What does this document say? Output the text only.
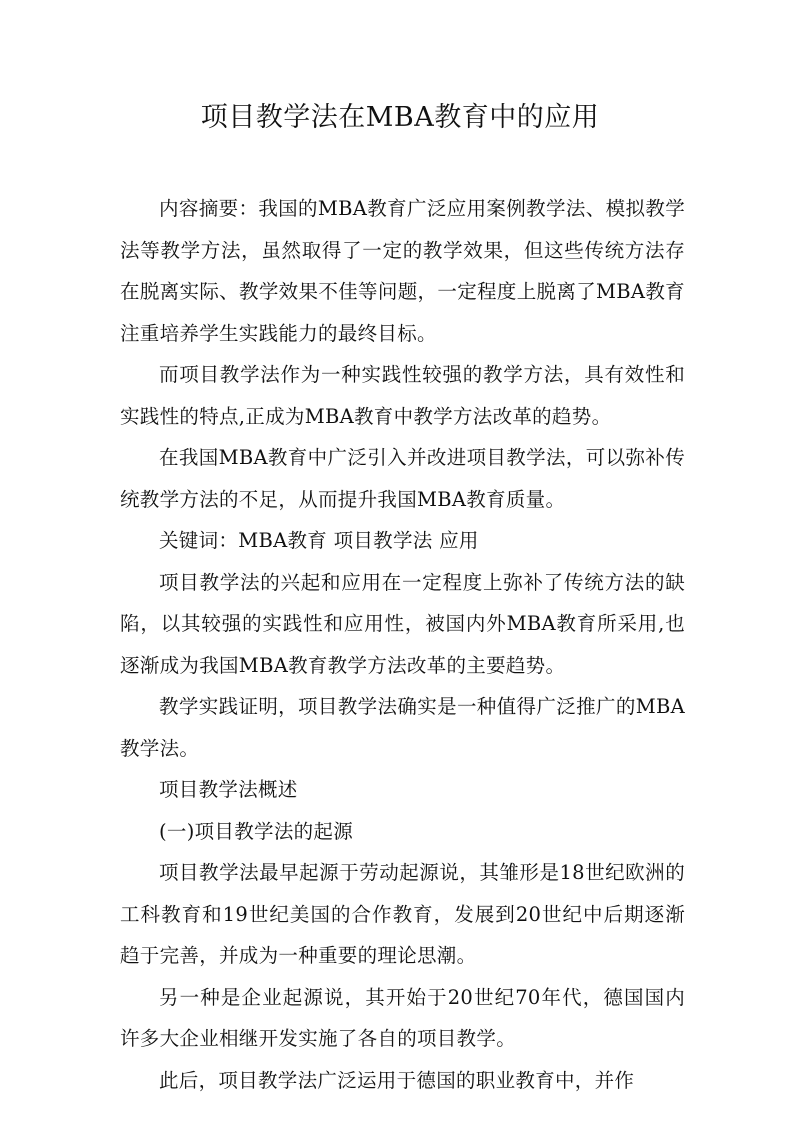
项目教学法在MBA教育中的应用

内容摘要：我国的MBA教育广泛应用案例教学法、模拟教学法等教学方法，虽然取得了一定的教学效果，但这些传统方法存在脱离实际、教学效果不佳等问题，一定程度上脱离了MBA教育注重培养学生实践能力的最终目标。

而项目教学法作为一种实践性较强的教学方法，具有效性和实践性的特点,正成为MBA教育中教学方法改革的趋势。

在我国MBA教育中广泛引入并改进项目教学法，可以弥补传统教学方法的不足，从而提升我国MBA教育质量。

关键词：MBA教育 项目教学法 应用

项目教学法的兴起和应用在一定程度上弥补了传统方法的缺陷，以其较强的实践性和应用性，被国内外MBA教育所采用,也逐渐成为我国MBA教育教学方法改革的主要趋势。

教学实践证明，项目教学法确实是一种值得广泛推广的MBA教学法。

项目教学法概述

(一)项目教学法的起源

项目教学法最早起源于劳动起源说，其雏形是18世纪欧洲的工科教育和19世纪美国的合作教育，发展到20世纪中后期逐渐趋于完善，并成为一种重要的理论思潮。

另一种是企业起源说，其开始于20世纪70年代，德国国内许多大企业相继开发实施了各自的项目教学。

此后，项目教学法广泛运用于德国的职业教育中，并作
